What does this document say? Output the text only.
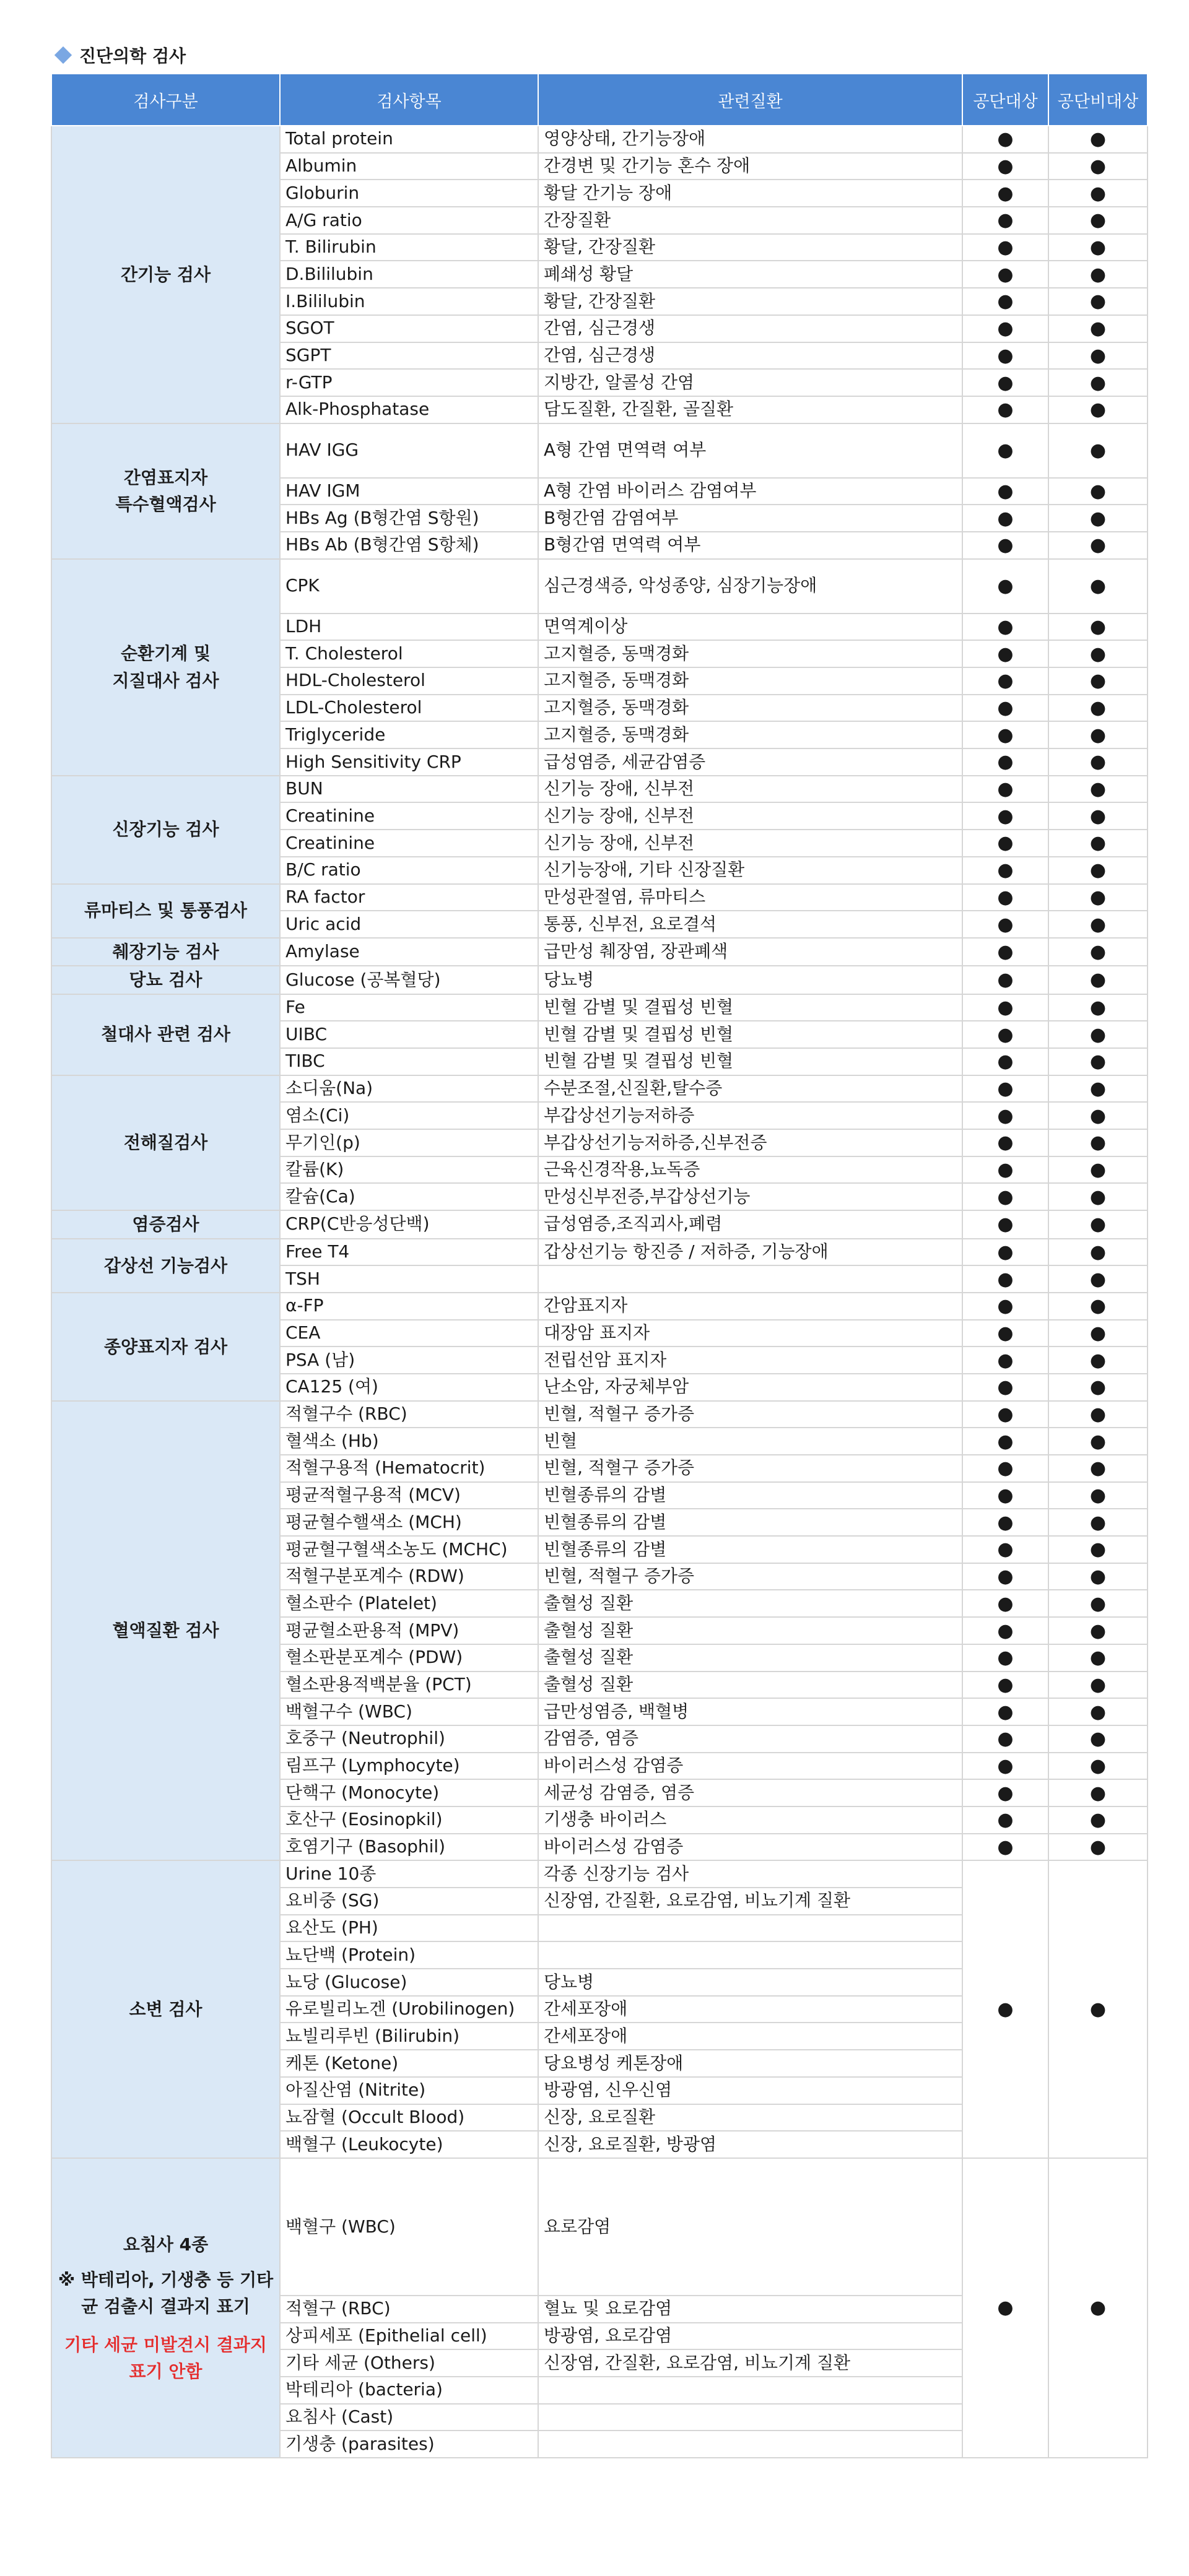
진단의학 검사
검사구분	검사항목	관련질환	공단대상	공단비대상
간기능 검사	Total protein	영양상태, 간기능장애	●	●
	Albumin	간경변 및 간기능 혼수 장애	●	●
	Globurin	황달 간기능 장애	●	●
	A/G ratio	간장질환	●	●
	T. Bilirubin	황달, 간장질환	●	●
	D.Bililubin	폐쇄성 황달	●	●
	I.Bililubin	황달, 간장질환	●	●
	SGOT	간염, 심근경생	●	●
	SGPT	간염, 심근경생	●	●
	r-GTP	지방간, 알콜성 간염	●	●
	Alk-Phosphatase	담도질환, 간질환, 골질환	●	●
간염표지자
특수혈액검사	HAV IGG	A형 간염 면역력 여부	●	●
	HAV IGM	A형 간염 바이러스 감염여부	●	●
	HBs Ag (B형간염 S항원)	B형간염 감염여부	●	●
	HBs Ab (B형간염 S항체)	B형간염 면역력 여부	●	●
순환기계 및
지질대사 검사	CPK	심근경색증, 악성종양, 심장기능장애	●	●
	LDH	면역계이상	●	●
	T. Cholesterol	고지혈증, 동맥경화	●	●
	HDL-Cholesterol	고지혈증, 동맥경화	●	●
	LDL-Cholesterol	고지혈증, 동맥경화	●	●
	Triglyceride	고지혈증, 동맥경화	●	●
	High Sensitivity CRP	급성염증, 세균감염증	●	●
신장기능 검사	BUN	신기능 장애, 신부전	●	●
	Creatinine	신기능 장애, 신부전	●	●
	Creatinine	신기능 장애, 신부전	●	●
	B/C ratio	신기능장애, 기타 신장질환	●	●
류마티스 및 통풍검사	RA factor	만성관절염, 류마티스	●	●
	Uric acid	통풍, 신부전, 요로결석	●	●
췌장기능 검사	Amylase	급만성 췌장염, 장관폐색	●	●
당뇨 검사	Glucose (공복혈당)	당뇨병	●	●
철대사 관련 검사	Fe	빈혈 감별 및 결핍성 빈혈	●	●
	UIBC	빈혈 감별 및 결핍성 빈혈	●	●
	TIBC	빈혈 감별 및 결핍성 빈혈	●	●
전해질검사	소디움(Na)	수분조절,신질환,탈수증	●	●
	염소(Ci)	부갑상선기능저하증	●	●
	무기인(p)	부갑상선기능저하증,신부전증	●	●
	칼륨(K)	근육신경작용,뇨독증	●	●
	칼슘(Ca)	만성신부전증,부갑상선기능	●	●
염증검사	CRP(C반응성단백)	급성염증,조직괴사,폐렴	●	●
갑상선 기능검사	Free T4	갑상선기능 항진증 / 저하증, 기능장애	●	●
	TSH		●	●
종양표지자 검사	α-FP	간암표지자	●	●
	CEA	대장암 표지자	●	●
	PSA (남)	전립선암 표지자	●	●
	CA125 (여)	난소암, 자궁체부암	●	●
혈액질환 검사	적혈구수 (RBC)	빈혈, 적혈구 증가증	●	●
	혈색소 (Hb)	빈혈	●	●
	적혈구용적 (Hematocrit)	빈혈, 적혈구 증가증	●	●
	평균적혈구용적 (MCV)	빈혈종류의 감별	●	●
	평균혈수핼색소 (MCH)	빈혈종류의 감별	●	●
	평균혈구혈색소농도 (MCHC)	빈혈종류의 감별	●	●
	적혈구분포계수 (RDW)	빈혈, 적혈구 증가증	●	●
	혈소판수 (Platelet)	출혈성 질환	●	●
	평균혈소판용적 (MPV)	출혈성 질환	●	●
	혈소판분포계수 (PDW)	출혈성 질환	●	●
	혈소판용적백분율 (PCT)	출혈성 질환	●	●
	백혈구수 (WBC)	급만성염증, 백혈병	●	●
	호중구 (Neutrophil)	감염증, 염증	●	●
	림프구 (Lymphocyte)	바이러스성 감염증	●	●
	단핵구 (Monocyte)	세균성 감염증, 염증	●	●
	호산구 (Eosinopkil)	기생충 바이러스	●	●
	호염기구 (Basophil)	바이러스성 감염증	●	●
소변 검사	Urine 10종	각종 신장기능 검사	●	●
	요비중 (SG)	신장염, 간질환, 요로감염, 비뇨기계 질환		
	요산도 (PH)			
	뇨단백 (Protein)			
	뇨당 (Glucose)	당뇨병		
	유로빌리노겐 (Urobilinogen)	간세포장애		
	뇨빌리루빈 (Bilirubin)	간세포장애		
	케톤 (Ketone)	당요병성 케톤장애		
	아질산염 (Nitrite)	방광염, 신우신염		
	뇨잠혈 (Occult Blood)	신장, 요로질환		
	백혈구 (Leukocyte)	신장, 요로질환, 방광염		
요침사 4종
※ 박테리아, 기생충 등 기타균 검출시 결과지 표기
기타 세균 미발견시 결과지 표기 안함	백혈구 (WBC)	요로감염	●	●
	적혈구 (RBC)	혈뇨 및 요로감염		
	상피세포 (Epithelial cell)	방광염, 요로감염		
	기타 세균 (Others)	신장염, 간질환, 요로감염, 비뇨기계 질환		
	박테리아 (bacteria)			
	요침사 (Cast)			
	기생충 (parasites)			
